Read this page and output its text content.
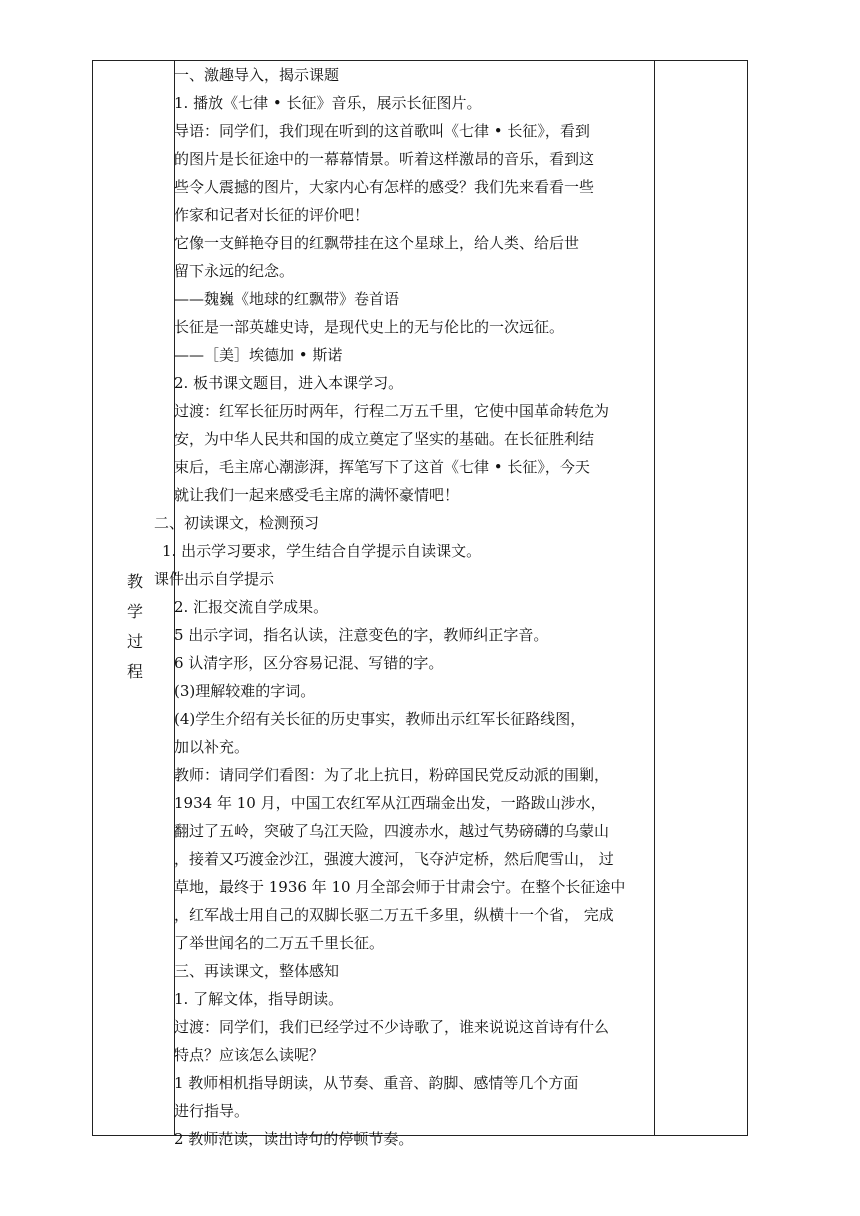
教
学
过
程
一、激趣导入，揭示课题
1. 播放《七律 • 长征》音乐，展示长征图片。
导语：同学们，我们现在听到的这首歌叫《七律 • 长征》，看到
的图片是长征途中的一幕幕情景。听着这样激昂的音乐，看到这
些令人震撼的图片，大家内心有怎样的感受？我们先来看看一些
作家和记者对长征的评价吧！
它像一支鲜艳夺目的红飘带挂在这个星球上，给人类、给后世
留下永远的纪念。
——魏巍《地球的红飘带》卷首语
长征是一部英雄史诗，是现代史上的无与伦比的一次远征。
——［美］埃德加 • 斯诺
2. 板书课文题目，进入本课学习。
过渡：红军长征历时两年，行程二万五千里，它使中国革命转危为
安，为中华人民共和国的成立奠定了坚实的基础。在长征胜利结
束后，毛主席心潮澎湃，挥笔写下了这首《七律 • 长征》，今天
就让我们一起来感受毛主席的满怀豪情吧！
二、初读课文，检测预习
1. 出示学习要求，学生结合自学提示自读课文。
课件出示自学提示
2. 汇报交流自学成果。
5 出示字词，指名认读，注意变色的字，教师纠正字音。
6 认清字形，区分容易记混、写错的字。
(3)理解较难的字词。
(4)学生介绍有关长征的历史事实，教师出示红军长征路线图，
加以补充。
教师：请同学们看图：为了北上抗日，粉碎国民党反动派的围剿，
1934 年 10 月，中国工农红军从江西瑞金出发，一路跋山涉水，
翻过了五岭，突破了乌江天险，四渡赤水，越过气势磅礴的乌蒙山
，接着又巧渡金沙江，强渡大渡河，飞夺泸定桥，然后爬雪山， 过
草地，最终于 1936 年 10 月全部会师于甘肃会宁。在整个长征途中
，红军战士用自己的双脚长驱二万五千多里，纵横十一个省， 完成
了举世闻名的二万五千里长征。
三、再读课文，整体感知
1. 了解文体，指导朗读。
过渡：同学们，我们已经学过不少诗歌了，谁来说说这首诗有什么
特点？应该怎么读呢？
1 教师相机指导朗读，从节奏、重音、韵脚、感情等几个方面
进行指导。
2 教师范读，读出诗句的停顿节奏。
